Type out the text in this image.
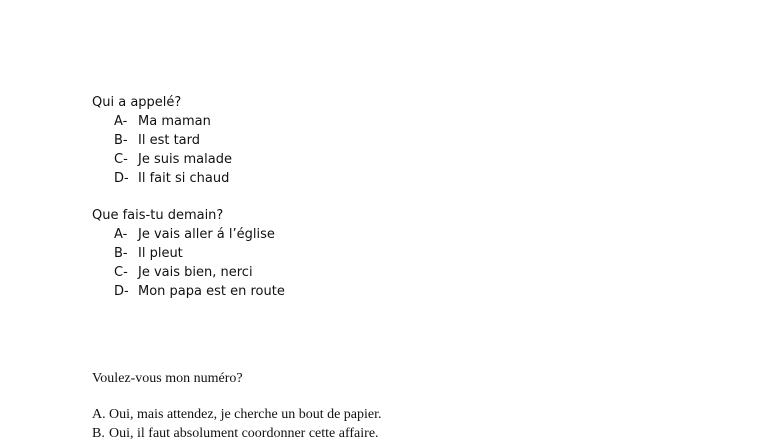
Qui a appelé?
A- Ma maman
B- Il est tard
C- Je suis malade
D- Il fait si chaud
Que fais-tu demain?
A- Je vais aller á l’église
B- Il pleut
C- Je vais bien, nerci
D- Mon papa est en route
Voulez-vous mon numéro?
A. Oui, mais attendez, je cherche un bout de papier.
B. Oui, il faut absolument coordonner cette affaire.
